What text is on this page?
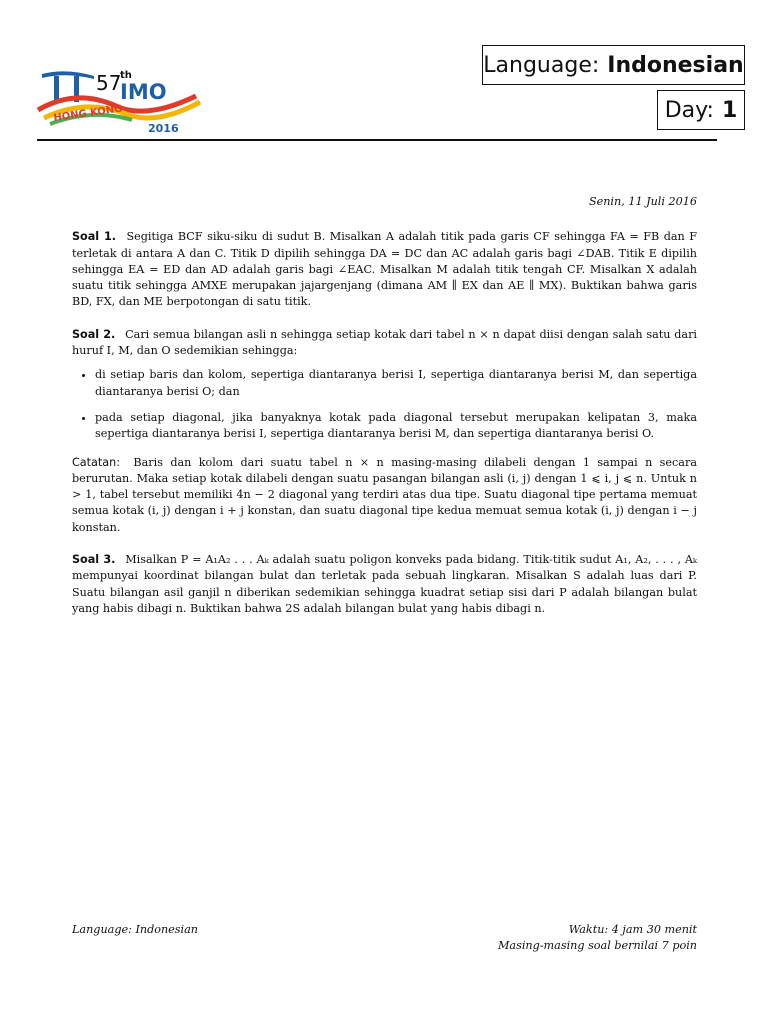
57
th
IMO
HONG KONG
2016
Language: Indonesian
Day: 1
Senin, 11 Juli 2016

Soal 1. Segitiga BCF siku-siku di sudut B. Misalkan A adalah titik pada garis CF sehingga FA = FB dan F terletak di antara A dan C. Titik D dipilih sehingga DA = DC dan AC adalah garis bagi ∠DAB. Titik E dipilih sehingga EA = ED dan AD adalah garis bagi ∠EAC. Misalkan M adalah titik tengah CF. Misalkan X adalah suatu titik sehingga AMXE merupakan jajargenjang (dimana AM ∥ EX dan AE ∥ MX). Buktikan bahwa garis BD, FX, dan ME berpotongan di satu titik.

Soal 2. Cari semua bilangan asli n sehingga setiap kotak dari tabel n × n dapat diisi dengan salah satu dari huruf I, M, dan O sedemikian sehingga:

• di setiap baris dan kolom, sepertiga diantaranya berisi I, sepertiga diantaranya berisi M, dan sepertiga diantaranya berisi O; dan
• pada setiap diagonal, jika banyaknya kotak pada diagonal tersebut merupakan kelipatan 3, maka sepertiga diantaranya berisi I, sepertiga diantaranya berisi M, dan sepertiga diantaranya berisi O.

Catatan: Baris dan kolom dari suatu tabel n × n masing-masing dilabeli dengan 1 sampai n secara berurutan. Maka setiap kotak dilabeli dengan suatu pasangan bilangan asli (i, j) dengan 1 ⩽ i, j ⩽ n. Untuk n > 1, tabel tersebut memiliki 4n − 2 diagonal yang terdiri atas dua tipe. Suatu diagonal tipe pertama memuat semua kotak (i, j) dengan i + j konstan, dan suatu diagonal tipe kedua memuat semua kotak (i, j) dengan i − j konstan.

Soal 3. Misalkan P = A₁A₂ . . . Aₖ adalah suatu poligon konveks pada bidang. Titik-titik sudut A₁, A₂, . . . , Aₖ mempunyai koordinat bilangan bulat dan terletak pada sebuah lingkaran. Misalkan S adalah luas dari P. Suatu bilangan asil ganjil n diberikan sedemikian sehingga kuadrat setiap sisi dari P adalah bilangan bulat yang habis dibagi n. Buktikan bahwa 2S adalah bilangan bulat yang habis dibagi n.

Language: Indonesian	Waktu: 4 jam 30 menit
Masing-masing soal bernilai 7 poin
